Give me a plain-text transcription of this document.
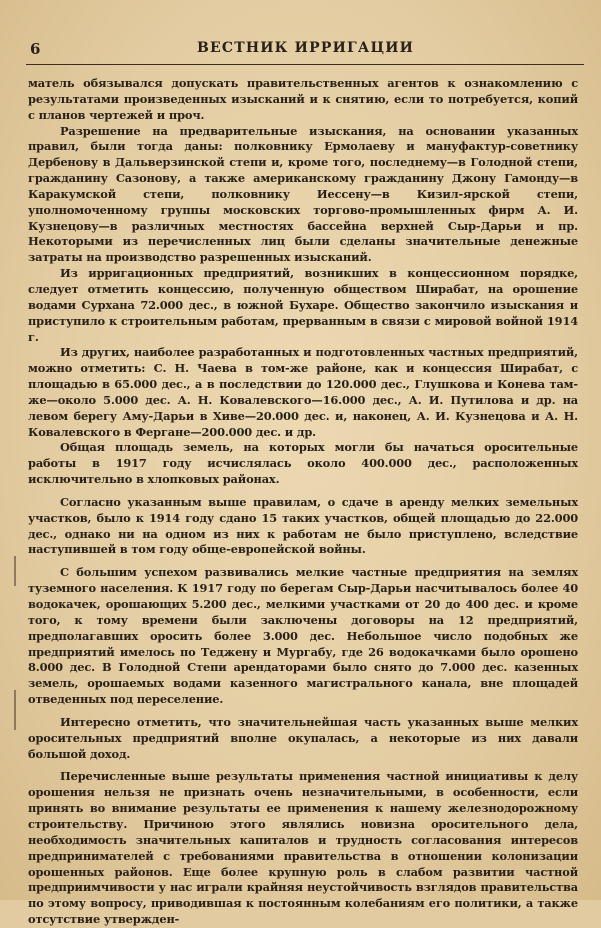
6	ВЕСТНИК ИРРИГАЦИИ

матель обязывался допускать правительственных агентов к ознакомлению с результатами произведенных изысканий и к снятию, если то потребуется, копий с планов чертежей и проч.

Разрешение на предварительные изыскания, на основании указанных правил, были тогда даны: полковнику Ермолаеву и мануфактур-советнику Дербенову в Дальверзинской степи и, кроме того, последнему—в Голодной степи, гражданину Сазонову, а также американскому гражданину Джону Гамонду—в Каракумской степи, полковнику Иессену—в Кизил-ярской степи, уполномоченному группы московских торгово-промышленных фирм А. И. Кузнецову—в различных местностях бассейна верхней Сыр-Дарьи и пр. Некоторыми из перечисленных лиц были сделаны значительные денежные затраты на производство разрешенных изысканий.

Из ирригационных предприятий, возникших в концессионном порядке, следует отметить концессию, полученную обществом Ширабат, на орошение водами Сурхана 72.000 дес., в южной Бухаре. Общество закончило изыскания и приступило к строительным работам, прерванным в связи с мировой войной 1914 г.

Из других, наиболее разработанных и подготовленных частных предприятий, можно отметить: С. Н. Чаева в том-же районе, как и концессия Ширабат, с площадью в 65.000 дес., а в последствии до 120.000 дес., Глушкова и Конева там-же—около 5.000 дес. А. Н. Ковалевского—16.000 дес., А. И. Путилова и др. на левом берегу Аму-Дарьи в Хиве—20.000 дес. и, наконец, А. И. Кузнецова и А. Н. Ковалевского в Фергане—200.000 дес. и др.

Общая площадь земель, на которых могли бы начаться оросительные работы в 1917 году исчислялась около 400.000 дес., расположенных исключительно в хлопковых районах.

Согласно указанным выше правилам, о сдаче в аренду мелких земельных участков, было к 1914 году сдано 15 таких участков, общей площадью до 22.000 дес., однако ни на одном из них к работам не было приступлено, вследствие наступившей в том году обще-европейской войны.

С большим успехом развивались мелкие частные предприятия на землях туземного населения. К 1917 году по берегам Сыр-Дарьи насчитывалось более 40 водокачек, орошающих 5.200 дес., мелкими участками от 20 до 400 дес. и кроме того, к тому времени были заключены договоры на 12 предприятий, предполагавших оросить более 3.000 дес. Небольшое число подобных же предприятий имелось по Теджену и Мургабу, где 26 водокачками было орошено 8.000 дес. В Голодной Степи арендаторами было снято до 7.000 дес. казенных земель, орошаемых водами казенного магистрального канала, вне площадей отведенных под переселение.

Интересно отметить, что значительнейшая часть указанных выше мелких оросительных предприятий вполне окупалась, а некоторые из них давали большой доход.

Перечисленные выше результаты применения частной инициативы к делу орошения нельзя не признать очень незначительными, в особенности, если принять во внимание результаты ее применения к нашему железнодорожному строительству. Причиною этого являлись новизна оросительного дела, необходимость значительных капиталов и трудность согласования интересов предпринимателей с требованиями правительства в отношении колонизации орошенных районов. Еще более крупную роль в слабом развитии частной предприимчивости у нас играли крайняя неустойчивость взглядов правительства по этому вопросу, приводившая к постоянным колебаниям его политики, а также отсутствие утвержден-
